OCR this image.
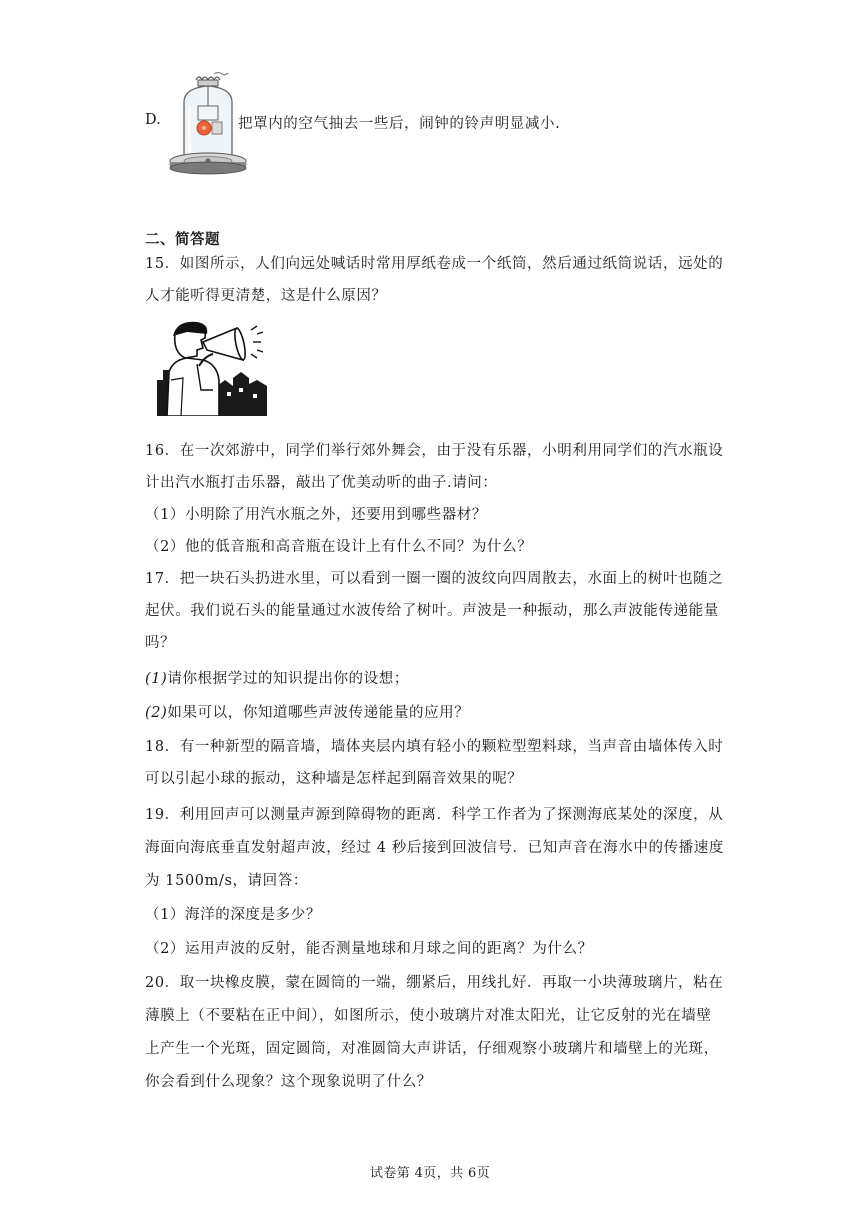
D.	把罩内的空气抽去一些后，闹钟的铃声明显减小.
二、简答题
15．如图所示，人们向远处喊话时常用厚纸卷成一个纸筒，然后通过纸筒说话，远处的
人才能听得更清楚，这是什么原因？
16．在一次郊游中，同学们举行郊外舞会，由于没有乐器，小明利用同学们的汽水瓶设
计出汽水瓶打击乐器，敲出了优美动听的曲子.请问：
（1）小明除了用汽水瓶之外，还要用到哪些器材？
（2）他的低音瓶和高音瓶在设计上有什么不同？为什么？
17．把一块石头扔进水里，可以看到一圈一圈的波纹向四周散去，水面上的树叶也随之
起伏。我们说石头的能量通过水波传给了树叶。声波是一种振动，那么声波能传递能量
吗？
(1)请你根据学过的知识提出你的设想；
(2)如果可以，你知道哪些声波传递能量的应用？
18．有一种新型的隔音墙，墙体夹层内填有轻小的颗粒型塑料球，当声音由墙体传入时
可以引起小球的振动，这种墙是怎样起到隔音效果的呢？
19．利用回声可以测量声源到障碍物的距离．科学工作者为了探测海底某处的深度，从
海面向海底垂直发射超声波，经过 4 秒后接到回波信号．已知声音在海水中的传播速度
为 1500m/s，请回答：
（1）海洋的深度是多少？
（2）运用声波的反射，能否测量地球和月球之间的距离？为什么？
20．取一块橡皮膜，蒙在圆筒的一端，绷紧后，用线扎好．再取一小块薄玻璃片，粘在
薄膜上（不要粘在正中间），如图所示，使小玻璃片对准太阳光，让它反射的光在墙壁
上产生一个光斑，固定圆筒，对准圆筒大声讲话，仔细观察小玻璃片和墙壁上的光斑，
你会看到什么现象？这个现象说明了什么？
试卷第 4页，共 6页
